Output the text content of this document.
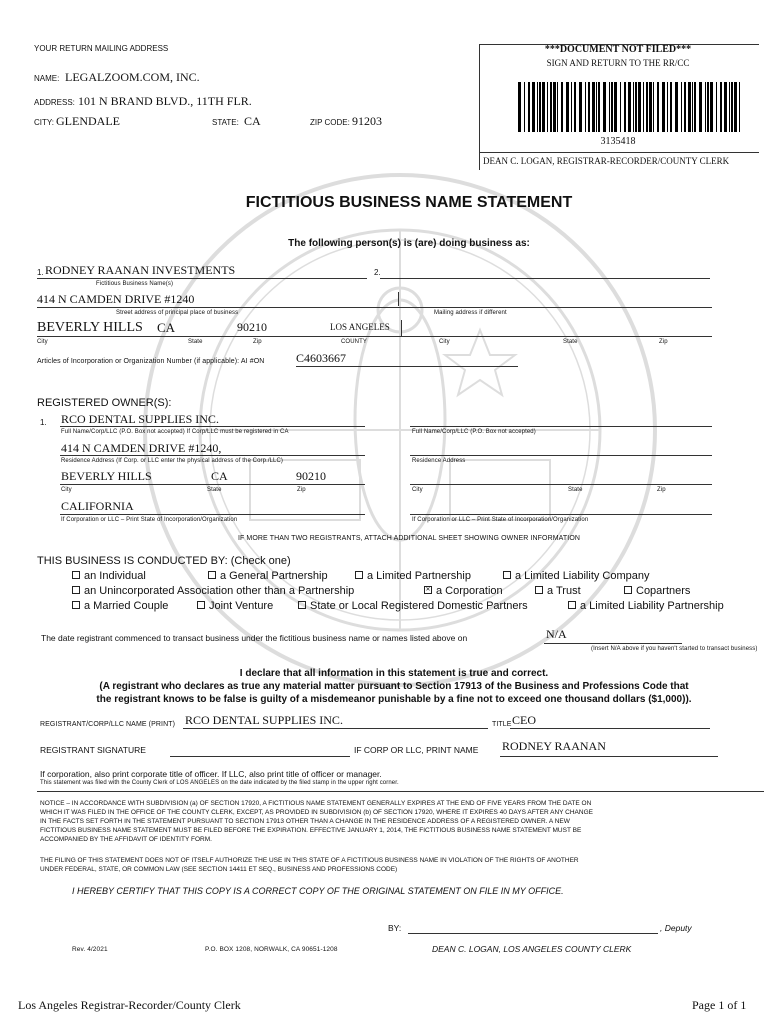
YOUR RETURN MAILING ADDRESS
NAME: LEGALZOOM.COM, INC.
ADDRESS: 101 N BRAND BLVD., 11TH FLR.
CITY: GLENDALE	STATE: CA	ZIP CODE: 91203
***DOCUMENT NOT FILED***
SIGN AND RETURN TO THE RR/CC
3135418
DEAN C. LOGAN, REGISTRAR-RECORDER/COUNTY CLERK
FICTITIOUS BUSINESS NAME STATEMENT
The following person(s) is (are) doing business as:
1. RODNEY RAANAN INVESTMENTS	2.
Fictitious Business Name(s)
414 N CAMDEN DRIVE #1240
Street address of principal place of business	Mailing address if different
BEVERLY HILLS CA	90210	LOS ANGELES
City	State	Zip	COUNTY	City	State	Zip
Articles of Incorporation or Organization Number (if applicable): AI #ON	C4603667
REGISTERED OWNER(S):
1. RCO DENTAL SUPPLIES INC.
Full Name/Corp/LLC (P.O. Box not accepted) If Corp/LLC must be registered in CA	Full Name/Corp/LLC (P.O. Box not accepted)
414 N CAMDEN DRIVE #1240,
Residence Address (If Corp. or LLC enter the physical address of the Corp./LLC)	Residence Address
BEVERLY HILLS	CA	90210
City	State	Zip	City	State	Zip
CALIFORNIA
If Corporation or LLC – Print State of Incorporation/Organization	If Corporation or LLC – Print State of Incorporation/Organization
IF MORE THAN TWO REGISTRANTS, ATTACH ADDITIONAL SHEET SHOWING OWNER INFORMATION
THIS BUSINESS IS CONDUCTED BY: (Check one)
an Individual	a General Partnership	a Limited Partnership	a Limited Liability Company
an Unincorporated Association other than a Partnership	✕ a Corporation	a Trust	Copartners
a Married Couple	Joint Venture	State or Local Registered Domestic Partners	a Limited Liability Partnership
The date registrant commenced to transact business under the fictitious business name or names listed above on	N/A
(Insert N/A above if you haven't started to transact business)
I declare that all information in this statement is true and correct.
(A registrant who declares as true any material matter pursuant to Section 17913 of the Business and Professions Code that
the registrant knows to be false is guilty of a misdemeanor punishable by a fine not to exceed one thousand dollars ($1,000)).
REGISTRANT/CORP/LLC NAME (PRINT) RCO DENTAL SUPPLIES INC.	TITLE CEO
REGISTRANT SIGNATURE	IF CORP OR LLC, PRINT NAME RODNEY RAANAN
If corporation, also print corporate title of officer. If LLC, also print title of officer or manager.
This statement was filed with the County Clerk of LOS ANGELES on the date indicated by the filed stamp in the upper right corner.
NOTICE – IN ACCORDANCE WITH SUBDIVISION (a) OF SECTION 17920, A FICTITIOUS NAME STATEMENT GENERALLY EXPIRES AT THE END OF FIVE YEARS FROM THE DATE ON
WHICH IT WAS FILED IN THE OFFICE OF THE COUNTY CLERK, EXCEPT, AS PROVIDED IN SUBDIVISION (b) OF SECTION 17920, WHERE IT EXPIRES 40 DAYS AFTER ANY CHANGE
IN THE FACTS SET FORTH IN THE STATEMENT PURSUANT TO SECTION 17913 OTHER THAN A CHANGE IN THE RESIDENCE ADDRESS OF A REGISTERED OWNER. A NEW
FICTITIOUS BUSINESS NAME STATEMENT MUST BE FILED BEFORE THE EXPIRATION. EFFECTIVE JANUARY 1, 2014, THE FICTITIOUS BUSINESS NAME STATEMENT MUST BE
ACCOMPANIED BY THE AFFIDAVIT OF IDENTITY FORM.
THE FILING OF THIS STATEMENT DOES NOT OF ITSELF AUTHORIZE THE USE IN THIS STATE OF A FICTITIOUS BUSINESS NAME IN VIOLATION OF THE RIGHTS OF ANOTHER
UNDER FEDERAL, STATE, OR COMMON LAW (SEE SECTION 14411 ET SEQ., BUSINESS AND PROFESSIONS CODE)
I HEREBY CERTIFY THAT THIS COPY IS A CORRECT COPY OF THE ORIGINAL STATEMENT ON FILE IN MY OFFICE.
BY:	, Deputy
Rev. 4/2021	P.O. BOX 1208, NORWALK, CA 90651-1208	DEAN C. LOGAN, LOS ANGELES COUNTY CLERK
Los Angeles Registrar-Recorder/County Clerk	Page 1 of 1
